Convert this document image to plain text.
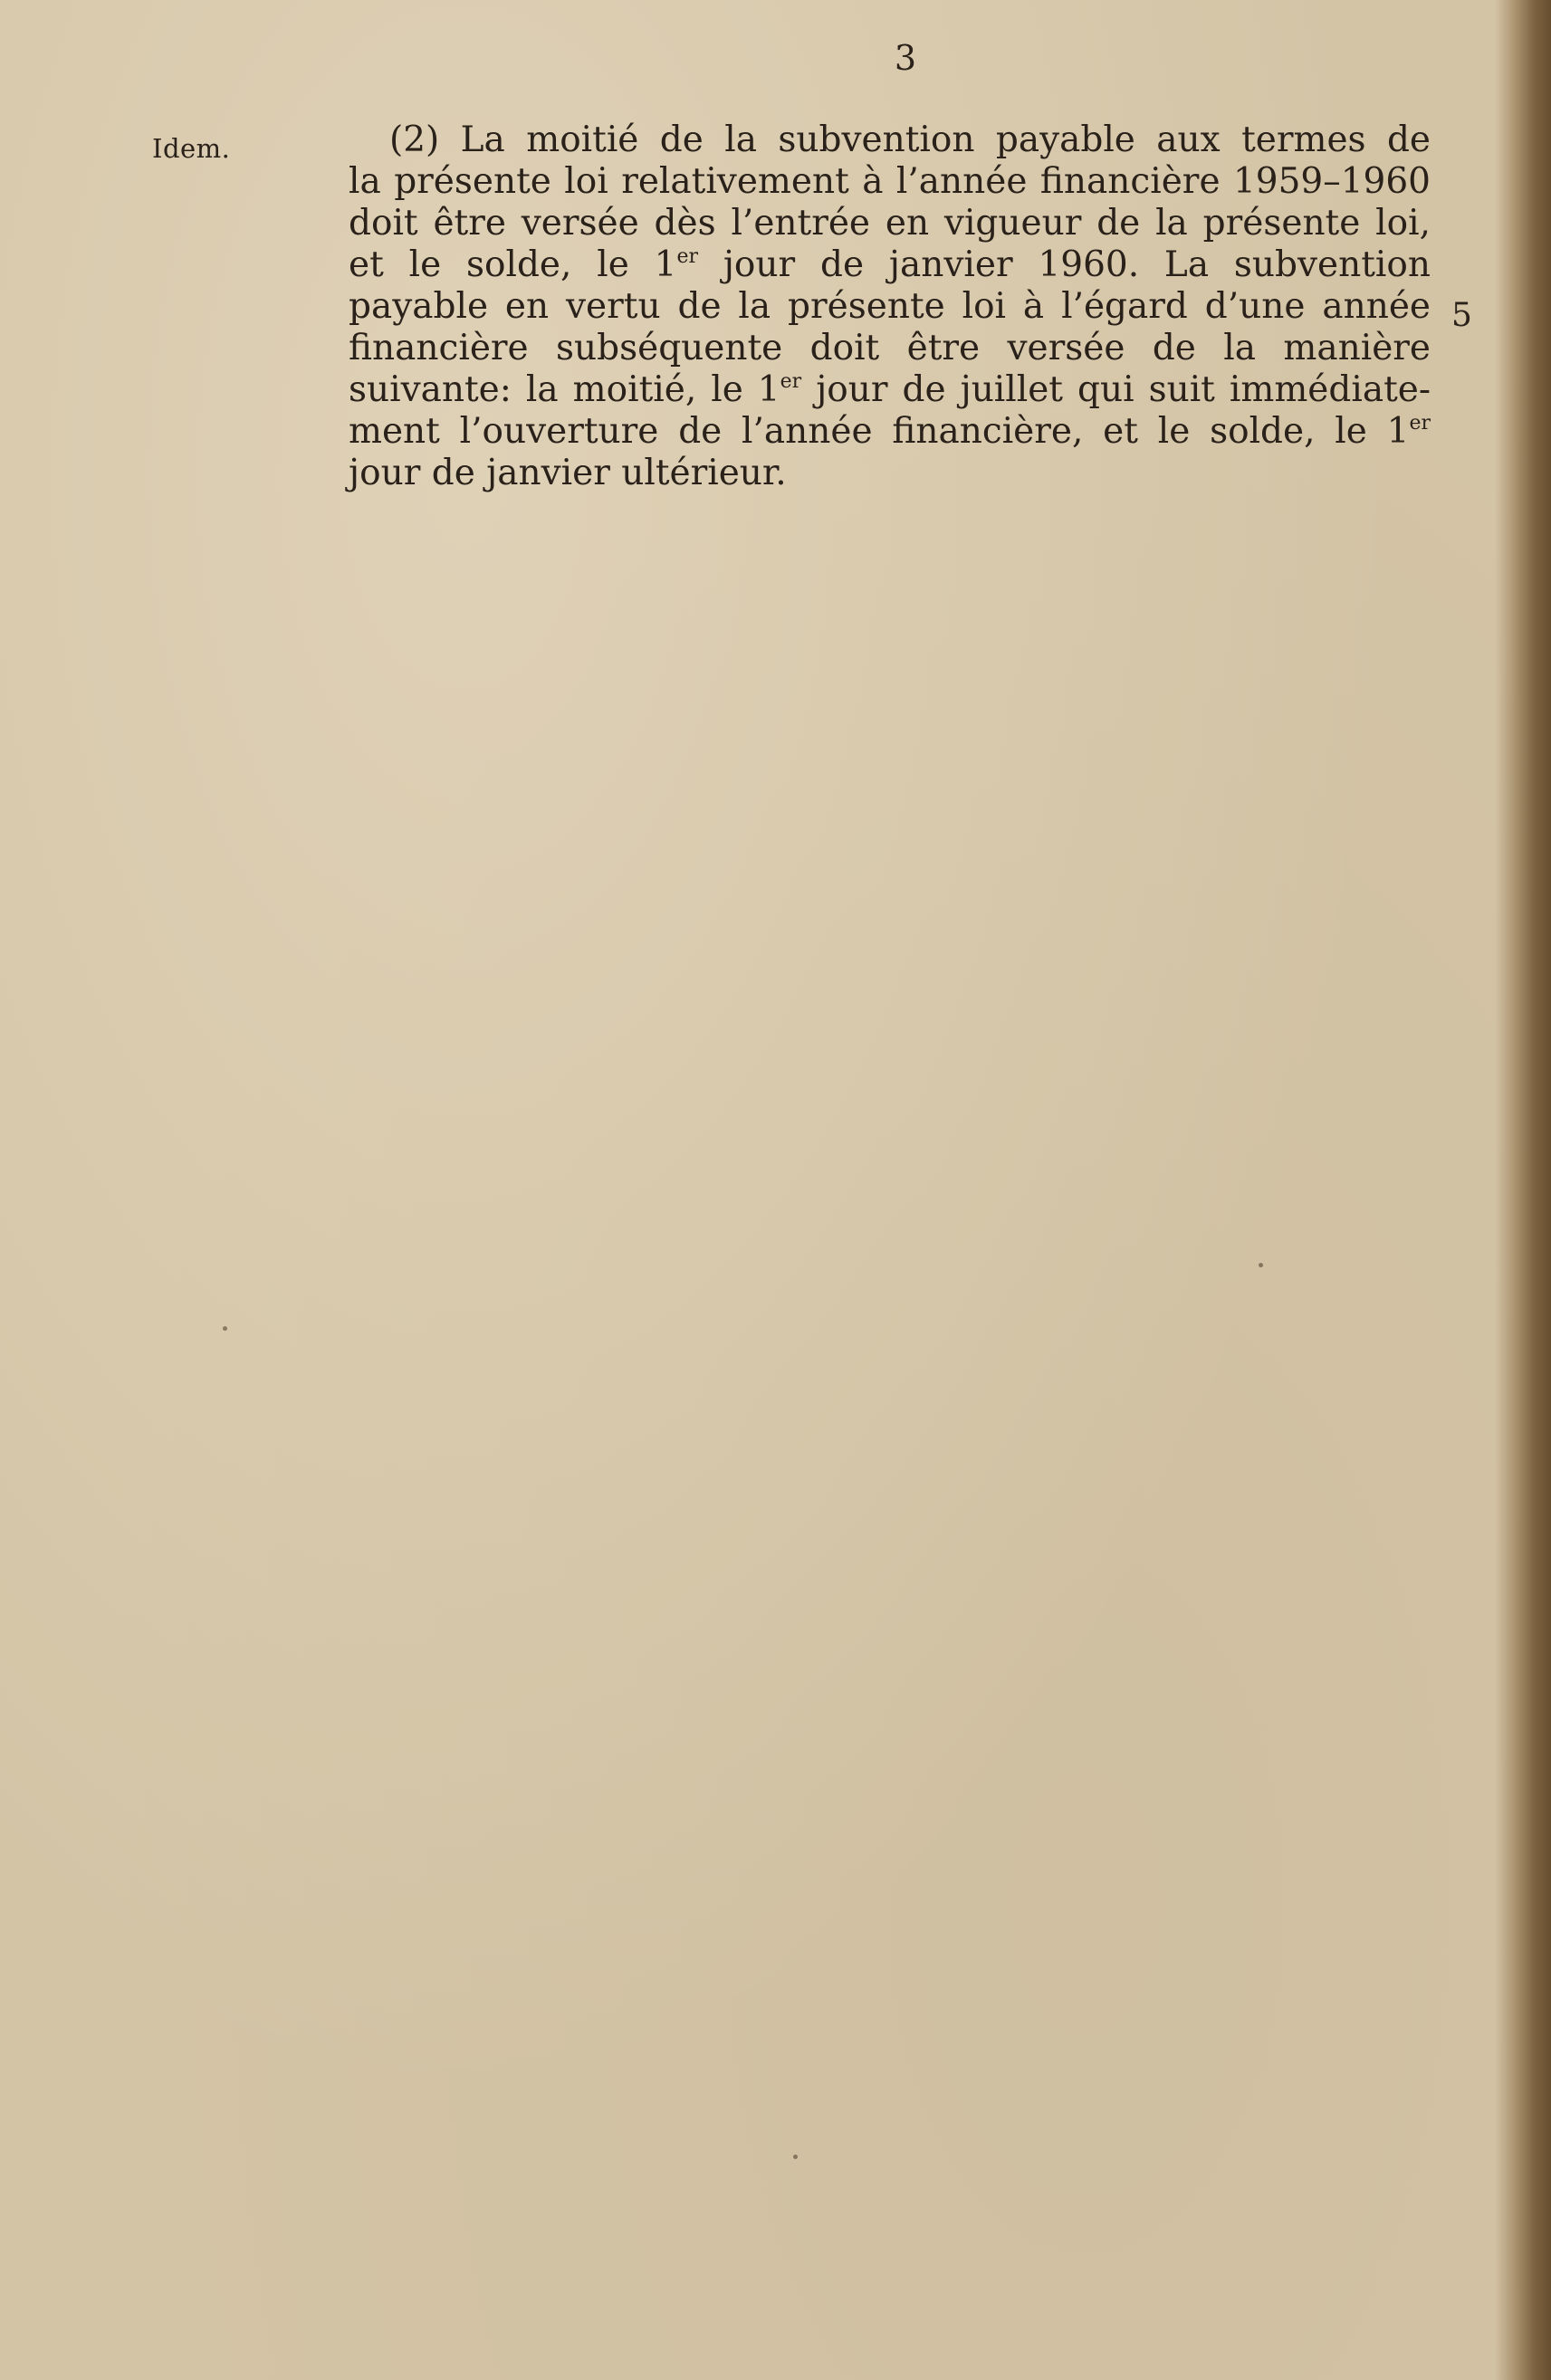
3
Idem.
5

(2) La moitié de la subvention payable aux termes de
la présente loi relativement à l’année financière 1959–1960
doit être versée dès l’entrée en vigueur de la présente loi,
et le solde, le 1er jour de janvier 1960. La subvention
payable en vertu de la présente loi à l’égard d’une année
financière subséquente doit être versée de la manière
suivante: la moitié, le 1er jour de juillet qui suit immédiate-
ment l’ouverture de l’année financière, et le solde, le 1er
jour de janvier ultérieur.
